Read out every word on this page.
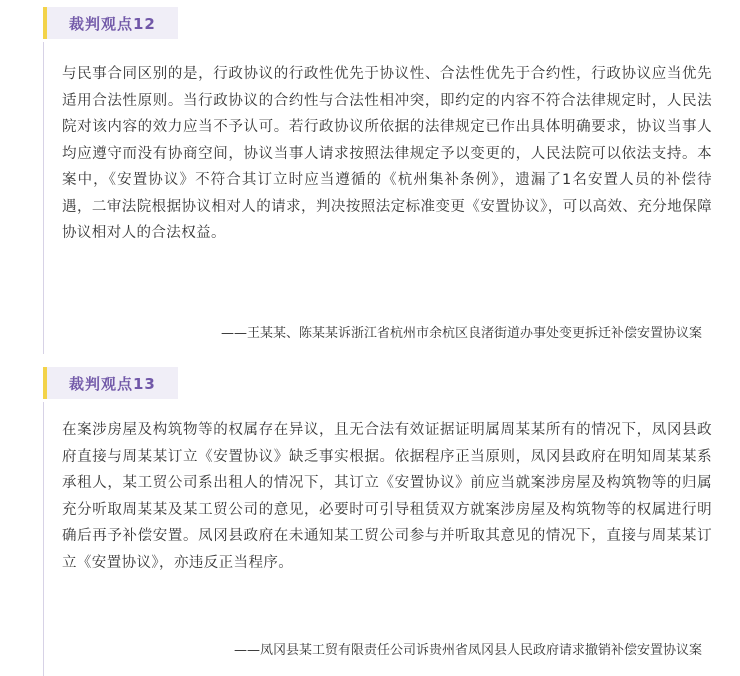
裁判观点12

与民事合同区别的是，行政协议的行政性优先于协议性、合法性优先于合约性，行政协议应当优先适用合法性原则。当行政协议的合约性与合法性相冲突，即约定的内容不符合法律规定时，人民法院对该内容的效力应当不予认可。若行政协议所依据的法律规定已作出具体明确要求，协议当事人均应遵守而没有协商空间，协议当事人请求按照法律规定予以变更的，人民法院可以依法支持。本案中，《安置协议》不符合其订立时应当遵循的《杭州集补条例》，遗漏了1名安置人员的补偿待遇，二审法院根据协议相对人的请求，判决按照法定标准变更《安置协议》，可以高效、充分地保障协议相对人的合法权益。

——王某某、陈某某诉浙江省杭州市余杭区良渚街道办事处变更拆迁补偿安置协议案
裁判观点13

在案涉房屋及构筑物等的权属存在异议，且无合法有效证据证明属周某某所有的情况下，凤冈县政府直接与周某某订立《安置协议》缺乏事实根据。依据程序正当原则，凤冈县政府在明知周某某系承租人，某工贸公司系出租人的情况下，其订立《安置协议》前应当就案涉房屋及构筑物等的归属充分听取周某某及某工贸公司的意见，必要时可引导租赁双方就案涉房屋及构筑物等的权属进行明确后再予补偿安置。凤冈县政府在未通知某工贸公司参与并听取其意见的情况下，直接与周某某订立《安置协议》，亦违反正当程序。

——凤冈县某工贸有限责任公司诉贵州省凤冈县人民政府请求撤销补偿安置协议案
